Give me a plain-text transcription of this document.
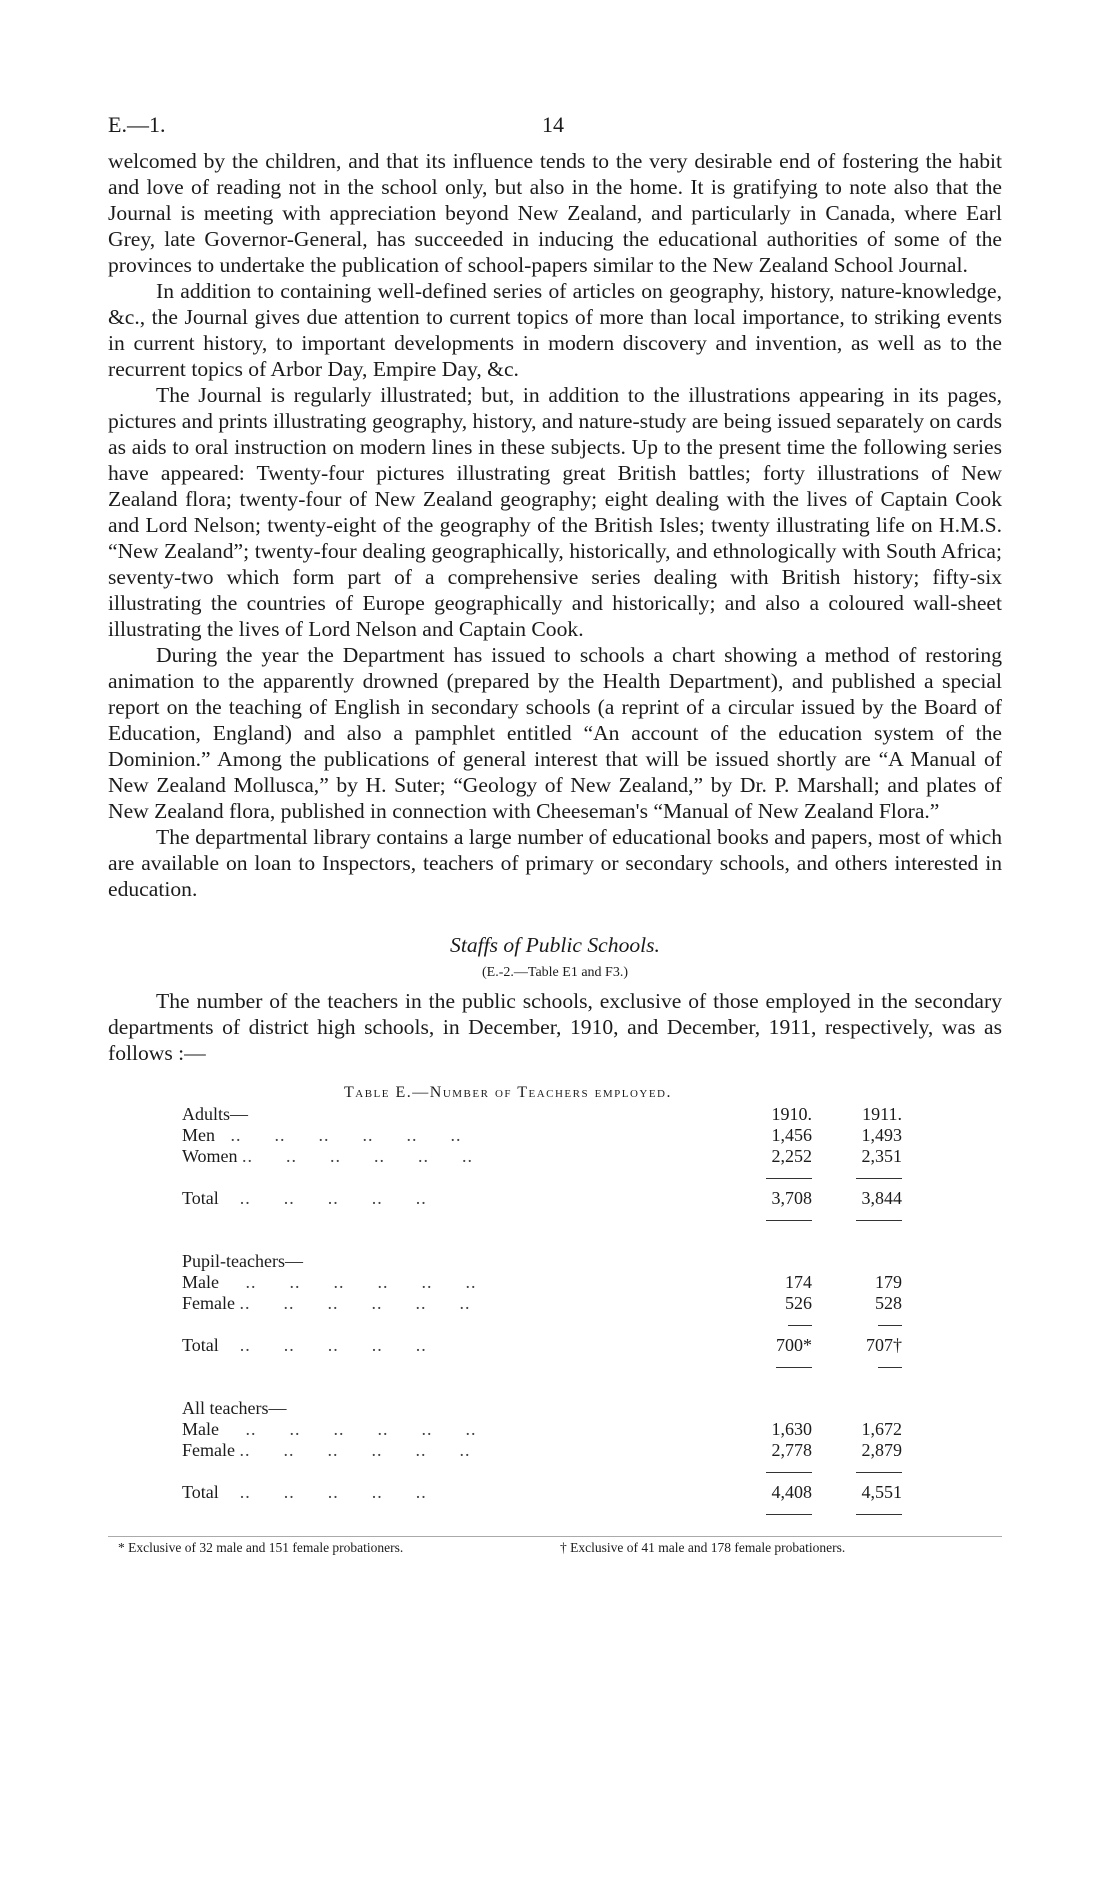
E.—1.	14

welcomed by the children, and that its influence tends to the very desirable end of fostering the habit and love of reading not in the school only, but also in the home. It is gratifying to note also that the Journal is meeting with appreciation beyond New Zealand, and particularly in Canada, where Earl Grey, late Governor-General, has succeeded in inducing the educational authorities of some of the provinces to undertake the publication of school-papers similar to the New Zealand School Journal.

In addition to containing well-defined series of articles on geography, history, nature-knowledge, &c., the Journal gives due attention to current topics of more than local importance, to striking events in current history, to important developments in modern discovery and invention, as well as to the recurrent topics of Arbor Day, Empire Day, &c.

The Journal is regularly illustrated; but, in addition to the illustrations appearing in its pages, pictures and prints illustrating geography, history, and nature-study are being issued separately on cards as aids to oral instruction on modern lines in these subjects. Up to the present time the following series have appeared: Twenty-four pictures illustrating great British battles; forty illustrations of New Zealand flora; twenty-four of New Zealand geography; eight dealing with the lives of Captain Cook and Lord Nelson; twenty-eight of the geography of the British Isles; twenty illustrating life on H.M.S. “New Zealand”; twenty-four dealing geographically, historically, and ethnologically with South Africa; seventy-two which form part of a comprehensive series dealing with British history; fifty-six illustrating the countries of Europe geographically and historically; and also a coloured wall-sheet illustrating the lives of Lord Nelson and Captain Cook.

During the year the Department has issued to schools a chart showing a method of restoring animation to the apparently drowned (prepared by the Health Department), and published a special report on the teaching of English in secondary schools (a reprint of a circular issued by the Board of Education, England) and also a pamphlet entitled “An account of the education system of the Dominion.” Among the publications of general interest that will be issued shortly are “A Manual of New Zealand Mollusca,” by H. Suter; “Geology of New Zealand,” by Dr. P. Marshall; and plates of New Zealand flora, published in connection with Cheeseman's “Manual of New Zealand Flora.”

The departmental library contains a large number of educational books and papers, most of which are available on loan to Inspectors, teachers of primary or secondary schools, and others interested in education.

Staffs of Public Schools.
(E.-2.—Table E1 and F3.)

The number of the teachers in the public schools, exclusive of those employed in the secondary departments of district high schools, in December, 1910, and December, 1911, respectively, was as follows :—

Table E.—Number of Teachers employed.
Adults—	1910.	1911.
Men   ..      ..      ..      ..      ..      ..	1,456	1,493
Women ..      ..      ..      ..      ..      ..	2,252	2,351

Total    ..      ..      ..      ..      ..	3,708	3,844

Pupil-teachers—		
Male     ..      ..      ..      ..      ..      ..	174	179
Female ..      ..      ..      ..      ..      ..	526	528

Total    ..      ..      ..      ..      ..	700*	707†

All teachers—		
Male     ..      ..      ..      ..      ..      ..	1,630	1,672
Female ..      ..      ..      ..      ..      ..	2,778	2,879

Total    ..      ..      ..      ..      ..	4,408	4,551

* Exclusive of 32 male and 151 female probationers.	† Exclusive of 41 male and 178 female probationers.
